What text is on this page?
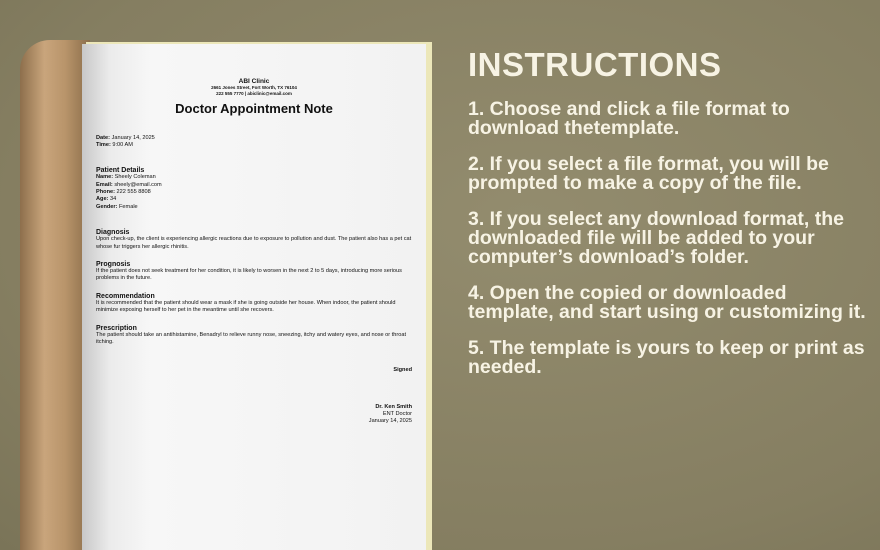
ABI Clinic
2661 Jones Street, Fort Worth, TX 76104
222 555 7770 | abiclinic@email.com
Doctor Appointment Note
Date: January 14, 2025
Time: 9:00 AM
Patient Details
Name: Sheely Coleman
Email: sheely@email.com
Phone: 222 555 8808
Age: 34
Gender: Female
Diagnosis
Upon check-up, the client is experiencing allergic reactions due to exposure to pollution and dust. The patient also has a pet cat whose fur triggers her allergic rhinitis.
Prognosis
If the patient does not seek treatment for her condition, it is likely to worsen in the next 2 to 5 days, introducing more serious problems in the future.
Recommendation
It is recommended that the patient should wear a mask if she is going outside her house. When indoor, the patient should minimize exposing herself to her pet in the meantime until she recovers.
Prescription
The patient should take an antihistamine, Benadryl to relieve runny nose, sneezing, itchy and watery eyes, and nose or throat itching.
Signed
Dr. Ken Smith
ENT Doctor
January 14, 2025
INSTRUCTIONS

1. Choose and click a file format to download thetemplate.

2. If you select a file format, you will be prompted to make a copy of the file.

3. If you select any download format, the downloaded file will be added to your computer’s download’s folder.

4. Open the copied or downloaded template, and start using or customizing it.

5. The template is yours to keep or print as needed.
